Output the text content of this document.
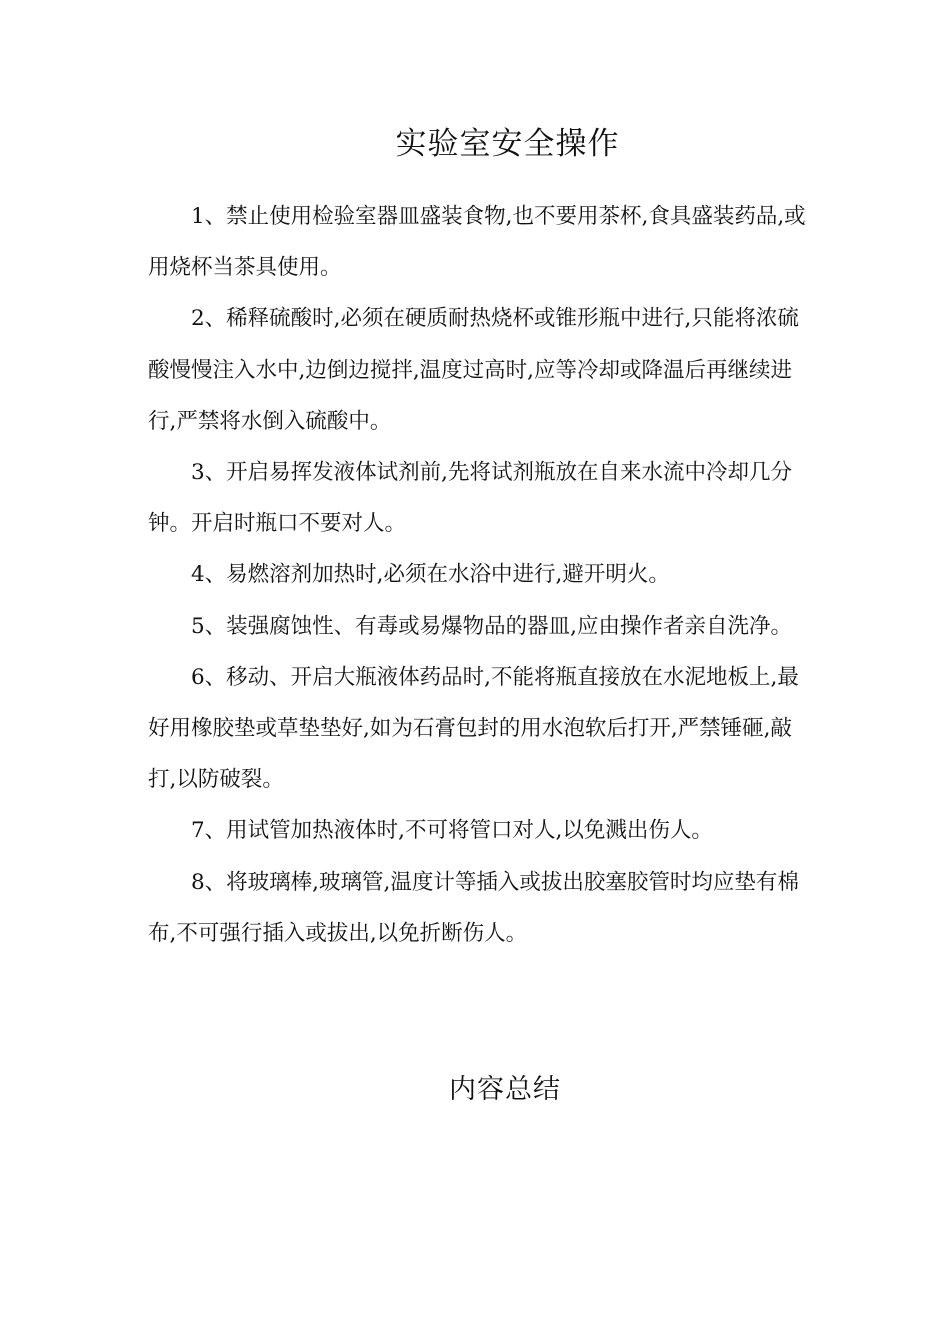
实验室安全操作

1、禁止使用检验室器皿盛装食物,也不要用茶杯,食具盛装药品,或用烧杯当茶具使用。

2、稀释硫酸时,必须在硬质耐热烧杯或锥形瓶中进行,只能将浓硫酸慢慢注入水中,边倒边搅拌,温度过高时,应等冷却或降温后再继续进行,严禁将水倒入硫酸中。

3、开启易挥发液体试剂前,先将试剂瓶放在自来水流中冷却几分钟。开启时瓶口不要对人。

4、易燃溶剂加热时,必须在水浴中进行,避开明火。

5、装强腐蚀性、有毒或易爆物品的器皿,应由操作者亲自洗净。

6、移动、开启大瓶液体药品时,不能将瓶直接放在水泥地板上,最好用橡胶垫或草垫垫好,如为石膏包封的用水泡软后打开,严禁锤砸,敲打,以防破裂。

7、用试管加热液体时,不可将管口对人,以免溅出伤人。

8、将玻璃棒,玻璃管,温度计等插入或拔出胶塞胶管时均应垫有棉布,不可强行插入或拔出,以免折断伤人。

内容总结
